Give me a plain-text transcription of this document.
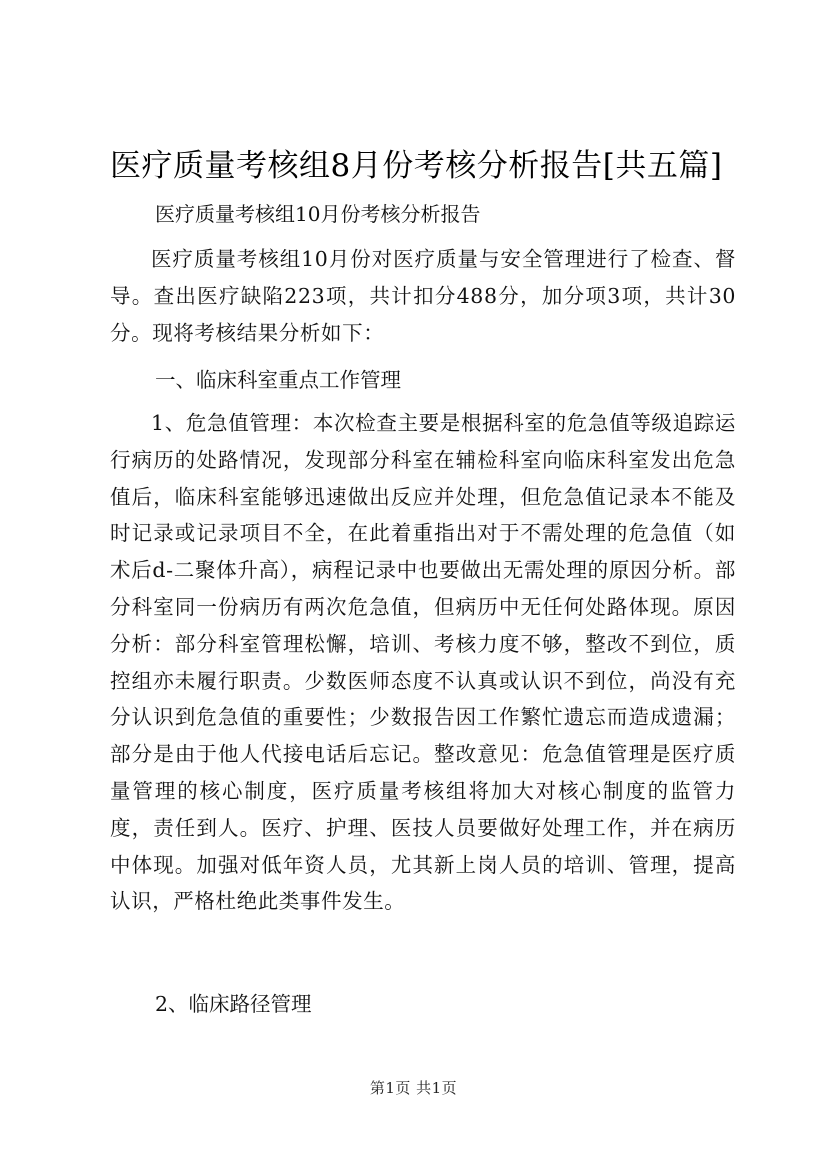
医疗质量考核组8月份考核分析报告[共五篇]
医疗质量考核组10月份考核分析报告

医疗质量考核组10月份对医疗质量与安全管理进行了检查、督导。查出医疗缺陷223项，共计扣分488分，加分项3项，共计30分。现将考核结果分析如下：

一、临床科室重点工作管理

1、危急值管理：本次检查主要是根据科室的危急值等级追踪运行病历的处路情况，发现部分科室在辅检科室向临床科室发出危急值后，临床科室能够迅速做出反应并处理，但危急值记录本不能及时记录或记录项目不全，在此着重指出对于不需处理的危急值（如术后d-二聚体升高），病程记录中也要做出无需处理的原因分析。部分科室同一份病历有两次危急值，但病历中无任何处路体现。原因分析：部分科室管理松懈，培训、考核力度不够，整改不到位，质控组亦未履行职责。少数医师态度不认真或认识不到位，尚没有充分认识到危急值的重要性；少数报告因工作繁忙遗忘而造成遗漏；部分是由于他人代接电话后忘记。整改意见：危急值管理是医疗质量管理的核心制度，医疗质量考核组将加大对核心制度的监管力度，责任到人。医疗、护理、医技人员要做好处理工作，并在病历中体现。加强对低年资人员，尤其新上岗人员的培训、管理，提高认识，严格杜绝此类事件发生。

2、临床路径管理
第1页 共1页
